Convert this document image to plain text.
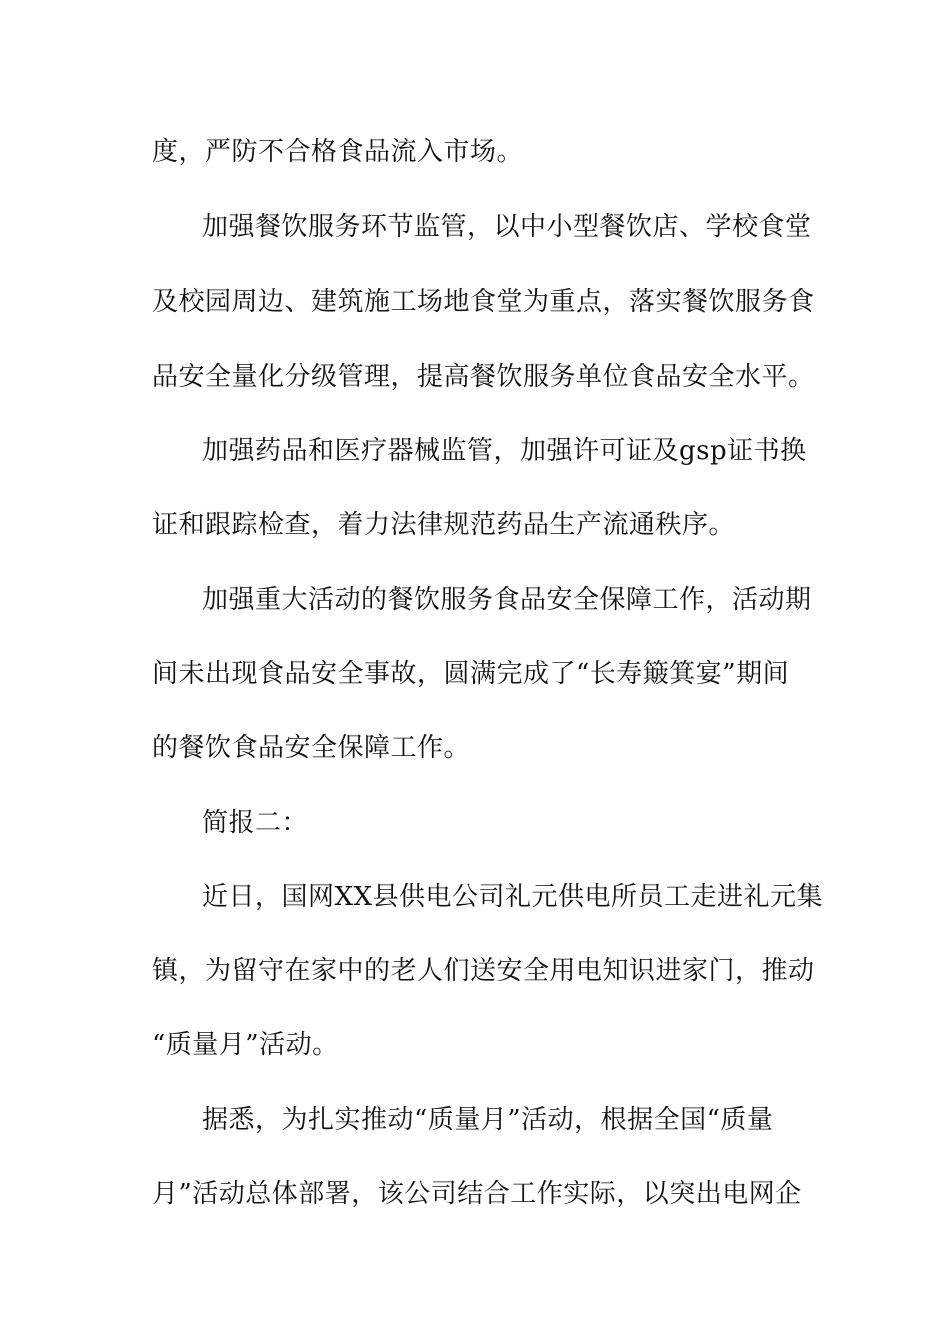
度，严防不合格食品流入市场。
加强餐饮服务环节监管，以中小型餐饮店、学校食堂
及校园周边、建筑施工场地食堂为重点，落实餐饮服务食
品安全量化分级管理，提高餐饮服务单位食品安全水平。
加强药品和医疗器械监管，加强许可证及gsp证书换
证和跟踪检查，着力法律规范药品生产流通秩序。
加强重大活动的餐饮服务食品安全保障工作，活动期
间未出现食品安全事故，圆满完成了“长寿簸箕宴”期间
的餐饮食品安全保障工作。
简报二：
近日，国网XX县供电公司礼元供电所员工走进礼元集
镇，为留守在家中的老人们送安全用电知识进家门，推动
“质量月”活动。
据悉，为扎实推动“质量月”活动，根据全国“质量
月”活动总体部署，该公司结合工作实际，以突出电网企
